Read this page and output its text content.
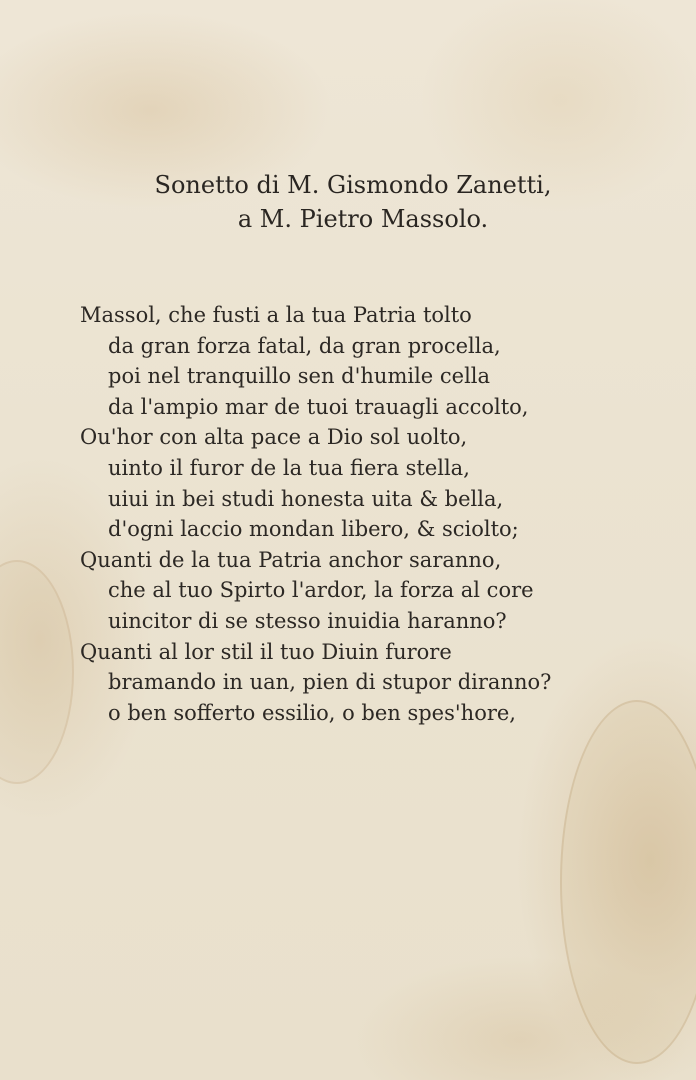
Sonetto di M. Gismondo Zanetti,
a M. Pietro Massolo.
Massol, che fusti a la tua Patria tolto
da gran forza fatal, da gran procella,
poi nel tranquillo sen d'humile cella
da l'ampio mar de tuoi trauagli accolto,
Ou'hor con alta pace a Dio sol uolto,
uinto il furor de la tua fiera stella,
uiui in bei studi honesta uita & bella,
d'ogni laccio mondan libero, & sciolto;
Quanti de la tua Patria anchor saranno,
che al tuo Spirto l'ardor, la forza al core
uincitor di se stesso inuidia haranno?
Quanti al lor stil il tuo Diuin furore
bramando in uan, pien di stupor diranno?
o ben sofferto essilio, o ben spes'hore,
